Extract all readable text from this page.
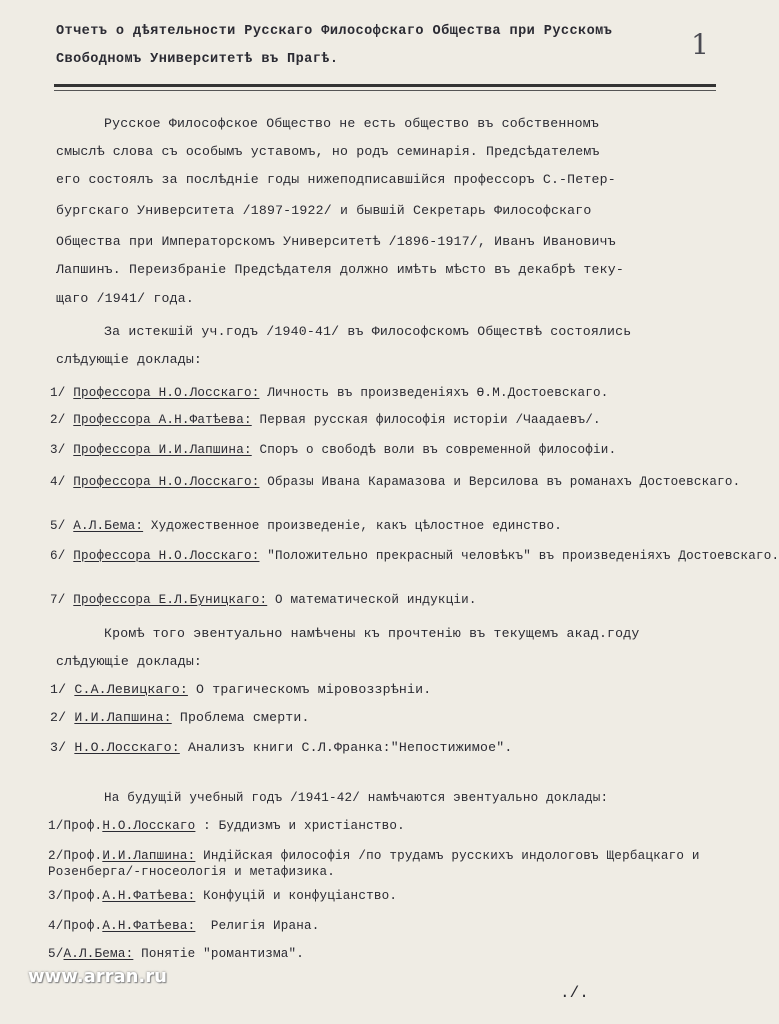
1
Отчетъ о дѣятельности Русскаго Философскаго Общества при Русскомъ
Свободномъ Университетѣ въ Прагѣ.
Русское Философское Общество не есть общество въ собственномъ
смыслѣ слова съ особымъ уставомъ, но родъ семинарія. Предсѣдателемъ
его состоялъ за послѣдніе годы нижеподписавшійся профессоръ С.-Петер-
бургскаго Университета /1897-1922/ и бывшій Секретарь Философскаго
Общества при Императорскомъ Университетѣ /1896-1917/, Иванъ Ивановичъ
Лапшинъ. Переизбраніе Предсѣдателя должно имѣть мѣсто въ декабрѣ теку-
щаго /1941/ года.
За истекшій уч.годъ /1940-41/ въ Философскомъ Обществѣ состоялись
слѣдующіе доклады:
1/ Профессора Н.О.Лосскаго: Личность въ произведеніяхъ Ө.М.Достоевскаго.
2/ Профессора А.Н.Фатѣева: Первая русская философія исторіи /Чаадаевъ/.
3/ Профессора И.И.Лапшина: Споръ о свободѣ воли въ современной философіи.
4/ Профессора Н.О.Лосскаго: Образы Ивана Карамазова и Версилова въ романахъ Достоевскаго.
5/ А.Л.Бема: Художественное произведеніе, какъ цѣлостное единство.
6/ Профессора Н.О.Лосскаго: "Положительно прекрасный человѣкъ" въ произведеніяхъ Достоевскаго.
7/ Профессора Е.Л.Буницкаго: О математической индукціи.
Кромѣ того эвентуально намѣчены къ прочтенію въ текущемъ акад.году
слѣдующіе доклады:
1/ С.А.Левицкаго: О трагическомъ міровоззрѣніи.
2/ И.И.Лапшина: Проблема смерти.
3/ Н.О.Лосскаго: Анализъ книги С.Л.Франка:"Непостижимое".
На будущій учебный годъ /1941-42/ намѣчаются эвентуально доклады:
1/Проф.Н.О.Лосскаго : Буддизмъ и христіанство.
2/Проф.И.И.Лапшина: Индійская философія /по трудамъ русскихъ индологовъ Щербацкаго и Розенберга/-гносеологія и метафизика.
3/Проф.А.Н.Фатѣева: Конфуцій и конфуціанство.
4/Проф.А.Н.Фатѣева:  Религія Ирана.
5/А.Л.Бема: Понятіе "романтизма".
./.
www.arran.ru
